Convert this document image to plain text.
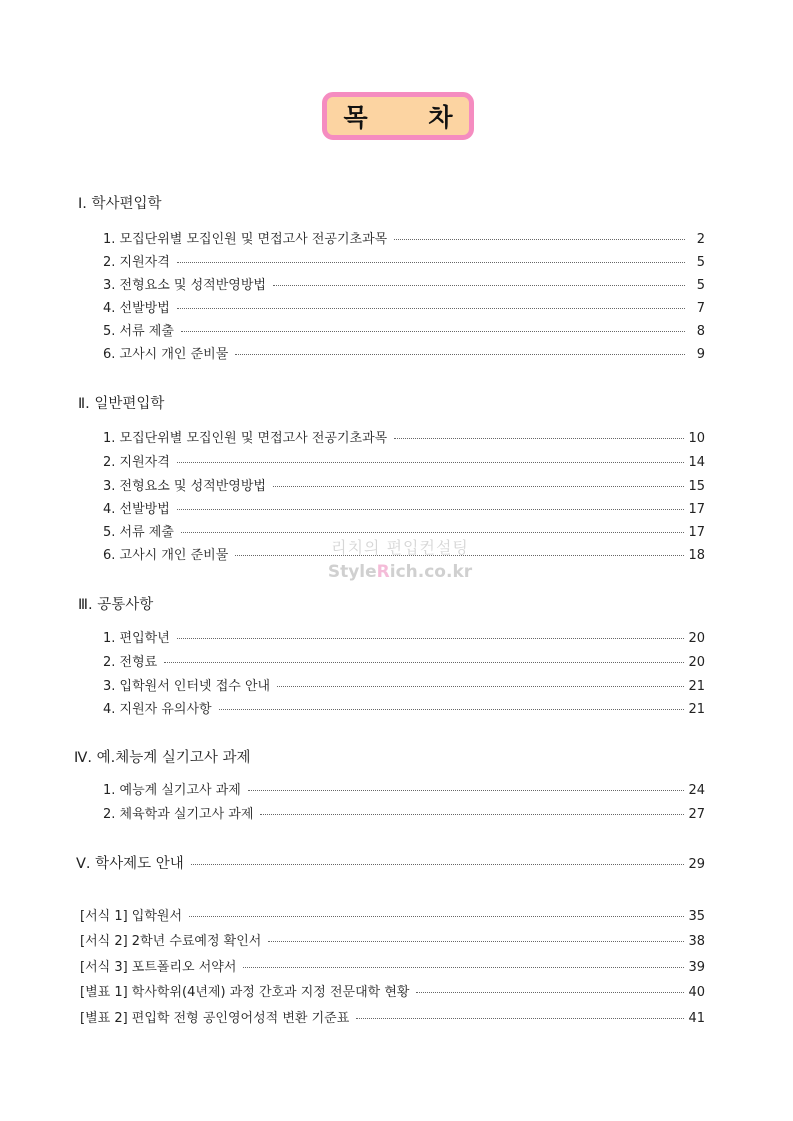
목 차
Ⅰ. 학사편입학
1. 모집단위별 모집인원 및 면접고사 전공기초과목	2
2. 지원자격	5
3. 전형요소 및 성적반영방법	5
4. 선발방법	7
5. 서류 제출	8
6. 고사시 개인 준비물	9
Ⅱ. 일반편입학
1. 모집단위별 모집인원 및 면접고사 전공기초과목	10
2. 지원자격	14
3. 전형요소 및 성적반영방법	15
4. 선발방법	17
5. 서류 제출	17
6. 고사시 개인 준비물	18
리치의 편입컨설팅
StyleRich.co.kr
Ⅲ. 공통사항
1. 편입학년	20
2. 전형료	20
3. 입학원서 인터넷 접수 안내	21
4. 지원자 유의사항	21
Ⅳ. 예.체능계 실기고사 과제
1. 예능계 실기고사 과제	24
2. 체육학과 실기고사 과제	27
Ⅴ. 학사제도 안내	29
[서식 1] 입학원서	35
[서식 2] 2학년 수료예정 확인서	38
[서식 3] 포트폴리오 서약서	39
[별표 1] 학사학위(4년제) 과정 간호과 지정 전문대학 현황	40
[별표 2] 편입학 전형 공인영어성적 변환 기준표	41
